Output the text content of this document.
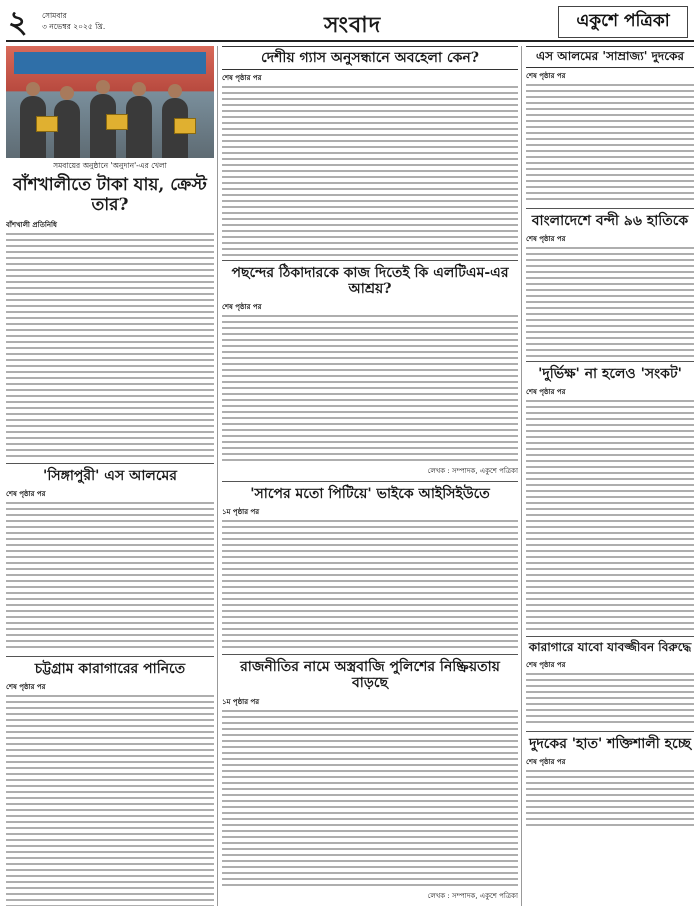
২ সোমবার
৩ নভেম্বর ২০২৫ খ্রি.	সংবাদ	একুশে পত্রিকা
সমবায়ের অনুষ্ঠানে 'অনুদান'-এর খেলা
বাঁশখালীতে টাকা যায়, ক্রেস্ট তার?
বাঁশখালী প্রতিনিধি
'সিঙ্গাপুরী' এস আলমের
শেষ পৃষ্ঠার পর
চট্টগ্রাম কারাগারের পানিতে
শেষ পৃষ্ঠার পর
দেশীয় গ্যাস অনুসন্ধানে অবহেলা কেন?
শেষ পৃষ্ঠার পর
পছন্দের ঠিকাদারকে কাজ দিতেই কি এলটিএম-এর আশ্রয়?
শেষ পৃষ্ঠার পর
লেখক : সম্পাদক, একুশে পত্রিকা
'সাপের মতো পিটিয়ে' ভাইকে আইসিইউতে
১ম পৃষ্ঠার পর
রাজনীতির নামে অস্ত্রবাজি পুলিশের নিষ্ক্রিয়তায় বাড়ছে
১ম পৃষ্ঠার পর
লেখক : সম্পাদক, একুশে পত্রিকা
এস আলমের 'সাম্রাজ্য' দুদকের
শেষ পৃষ্ঠার পর
বাংলাদেশে বন্দী ৯৬ হাতিকে
শেষ পৃষ্ঠার পর
'দুর্ভিক্ষ' না হলেও 'সংকট'
শেষ পৃষ্ঠার পর
কারাগারে যাবো যাবজ্জীবন বিরুদ্ধে
শেষ পৃষ্ঠার পর
দুদকের 'হাত' শক্তিশালী হচ্ছে
শেষ পৃষ্ঠার পর
